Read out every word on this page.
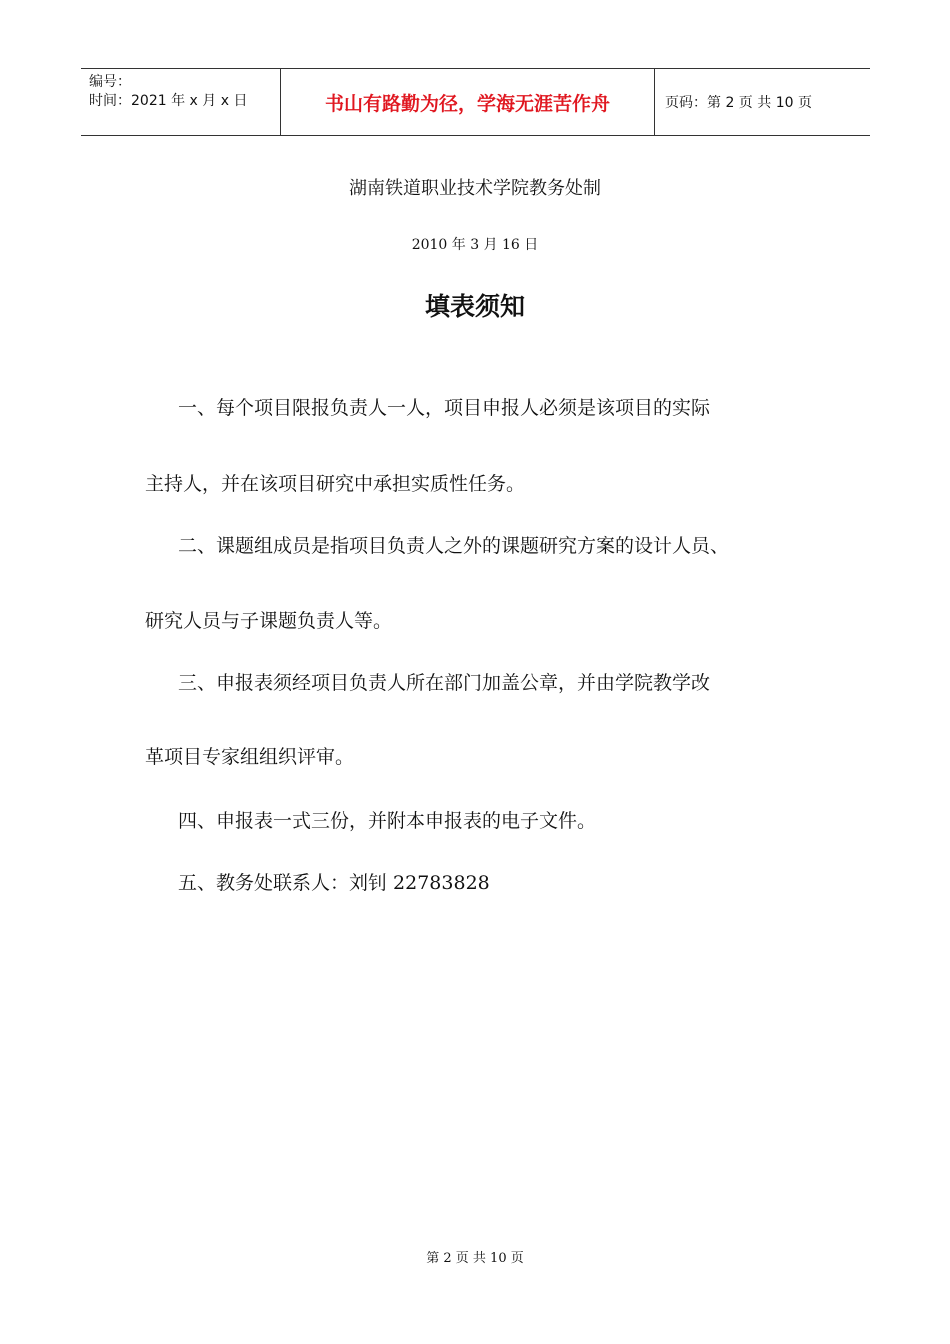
编号：
时间：2021 年 x 月 x 日	书山有路勤为径，学海无涯苦作舟	页码：第 2 页 共 10 页
湖南铁道职业技术学院教务处制
2010 年 3 月 16 日
填表须知
一、每个项目限报负责人一人，项目申报人必须是该项目的实际
主持人，并在该项目研究中承担实质性任务。
二、课题组成员是指项目负责人之外的课题研究方案的设计人员、
研究人员与子课题负责人等。
三、申报表须经项目负责人所在部门加盖公章，并由学院教学改
革项目专家组组织评审。
四、申报表一式三份，并附本申报表的电子文件。
五、教务处联系人：刘钊 22783828
第 2 页 共 10 页
